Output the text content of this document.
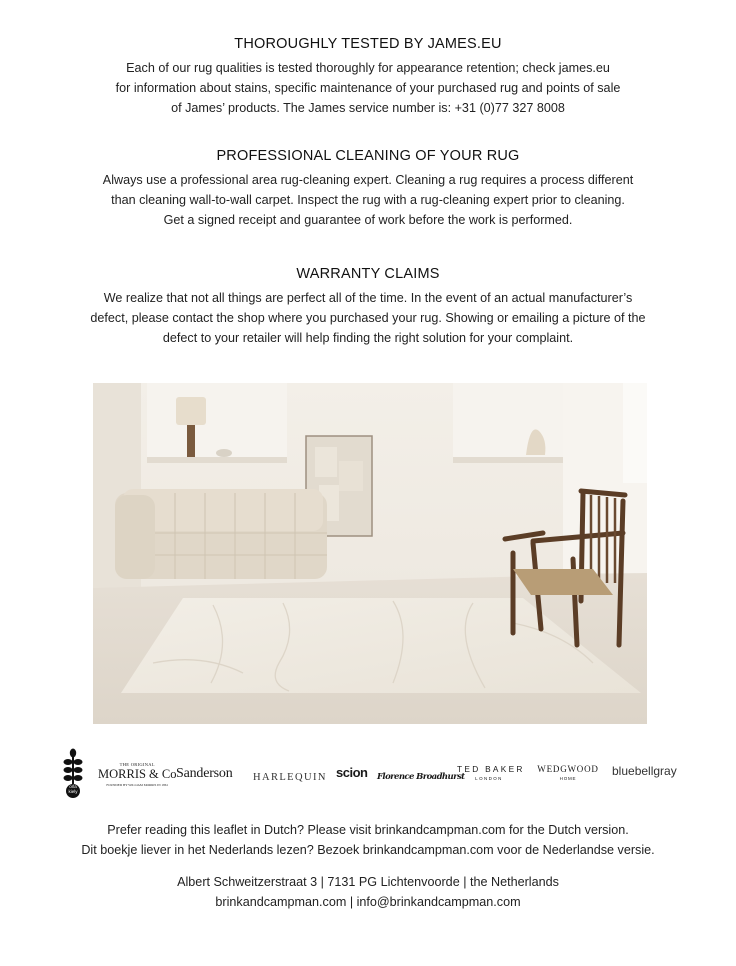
THOROUGHLY TESTED BY JAMES.EU

Each of our rug qualities is tested thoroughly for appearance retention; check james.eu
for information about stains, specific maintenance of your purchased rug and points of sale
of James’ products. The James service number is: +31 (0)77 327 8008

PROFESSIONAL CLEANING OF YOUR RUG

Always use a professional area rug-cleaning expert. Cleaning a rug requires a process different
than cleaning wall-to-wall carpet. Inspect the rug with a rug-cleaning expert prior to cleaning.
Get a signed receipt and guarantee of work before the work is performed.

WARRANTY CLAIMS

We realize that not all things are perfect all of the time. In the event of an actual manufacturer’s
defect, please contact the shop where you purchased your rug. Showing or emailing a picture of the
defect to your retailer will help finding the right solution for your complaint.

orla kiely
THE ORIGINAL
MORRIS & Co
FOUNDED BY WILLIAM MORRIS IN 1861
Sanderson HARLEQUIN scion Florence Broadhurst
TED BAKER
LONDON
WEDGWOOD
HOME
bluebellgray
Prefer reading this leaflet in Dutch? Please visit brinkandcampman.com for the Dutch version.
Dit boekje liever in het Nederlands lezen? Bezoek brinkandcampman.com voor de Nederlandse versie.
Albert Schweitzerstraat 3 | 7131 PG Lichtenvoorde | the Netherlands
brinkandcampman.com | info@brinkandcampman.com
